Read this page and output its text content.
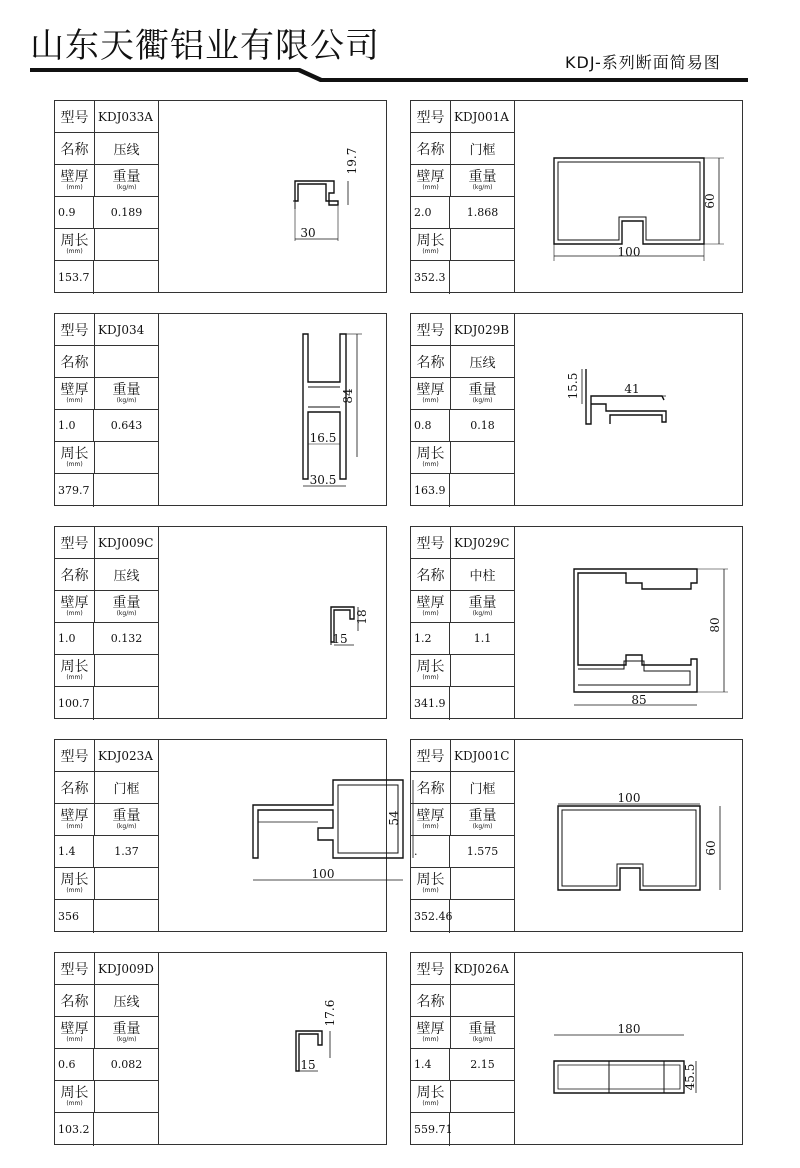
山东天衢铝业有限公司	KDJ-系列断面简易图
型号 KDJ033A
名称 压线
壁厚
(mm)
重量
(kg/m)
0.9	0.189
周长
(mm)
153.7
19.7
30
型号 KDJ001A
名称 门框
壁厚
(mm)
重量
(kg/m)
2.0	1.868
周长
(mm)
352.3
60
100
型号 KDJ034
名称
壁厚
(mm)
重量
(kg/m)
1.0	0.643
周长
(mm)
379.7
84
16.5
30.5
型号 KDJ029B
名称 压线
壁厚
(mm)
重量
(kg/m)
0.8	0.18
周长
(mm)
163.9
15.5	41
型号 KDJ009C
名称 压线
壁厚
(mm)
重量
(kg/m)
1.0	0.132
周长
(mm)
100.7
18
15
型号 KDJ029C
名称 中柱
壁厚
(mm)
重量
(kg/m)
1.2	1.1
周长
(mm)
341.9
80
85
型号 KDJ023A
名称 门框
壁厚
(mm)
重量
(kg/m)
1.4	1.37
周长
(mm)
356
54
100
型号 KDJ001C
名称 门框
壁厚
(mm)
重量
(kg/m)
.	1.575
周长
(mm)
352.46
100
60
型号 KDJ009D
名称 压线
壁厚
(mm)
重量
(kg/m)
0.6	0.082
周长
(mm)
103.2
17.6
15
型号 KDJ026A
名称
壁厚
(mm)
重量
(kg/m)
1.4	2.15
周长
(mm)
559.71
180
45.5
